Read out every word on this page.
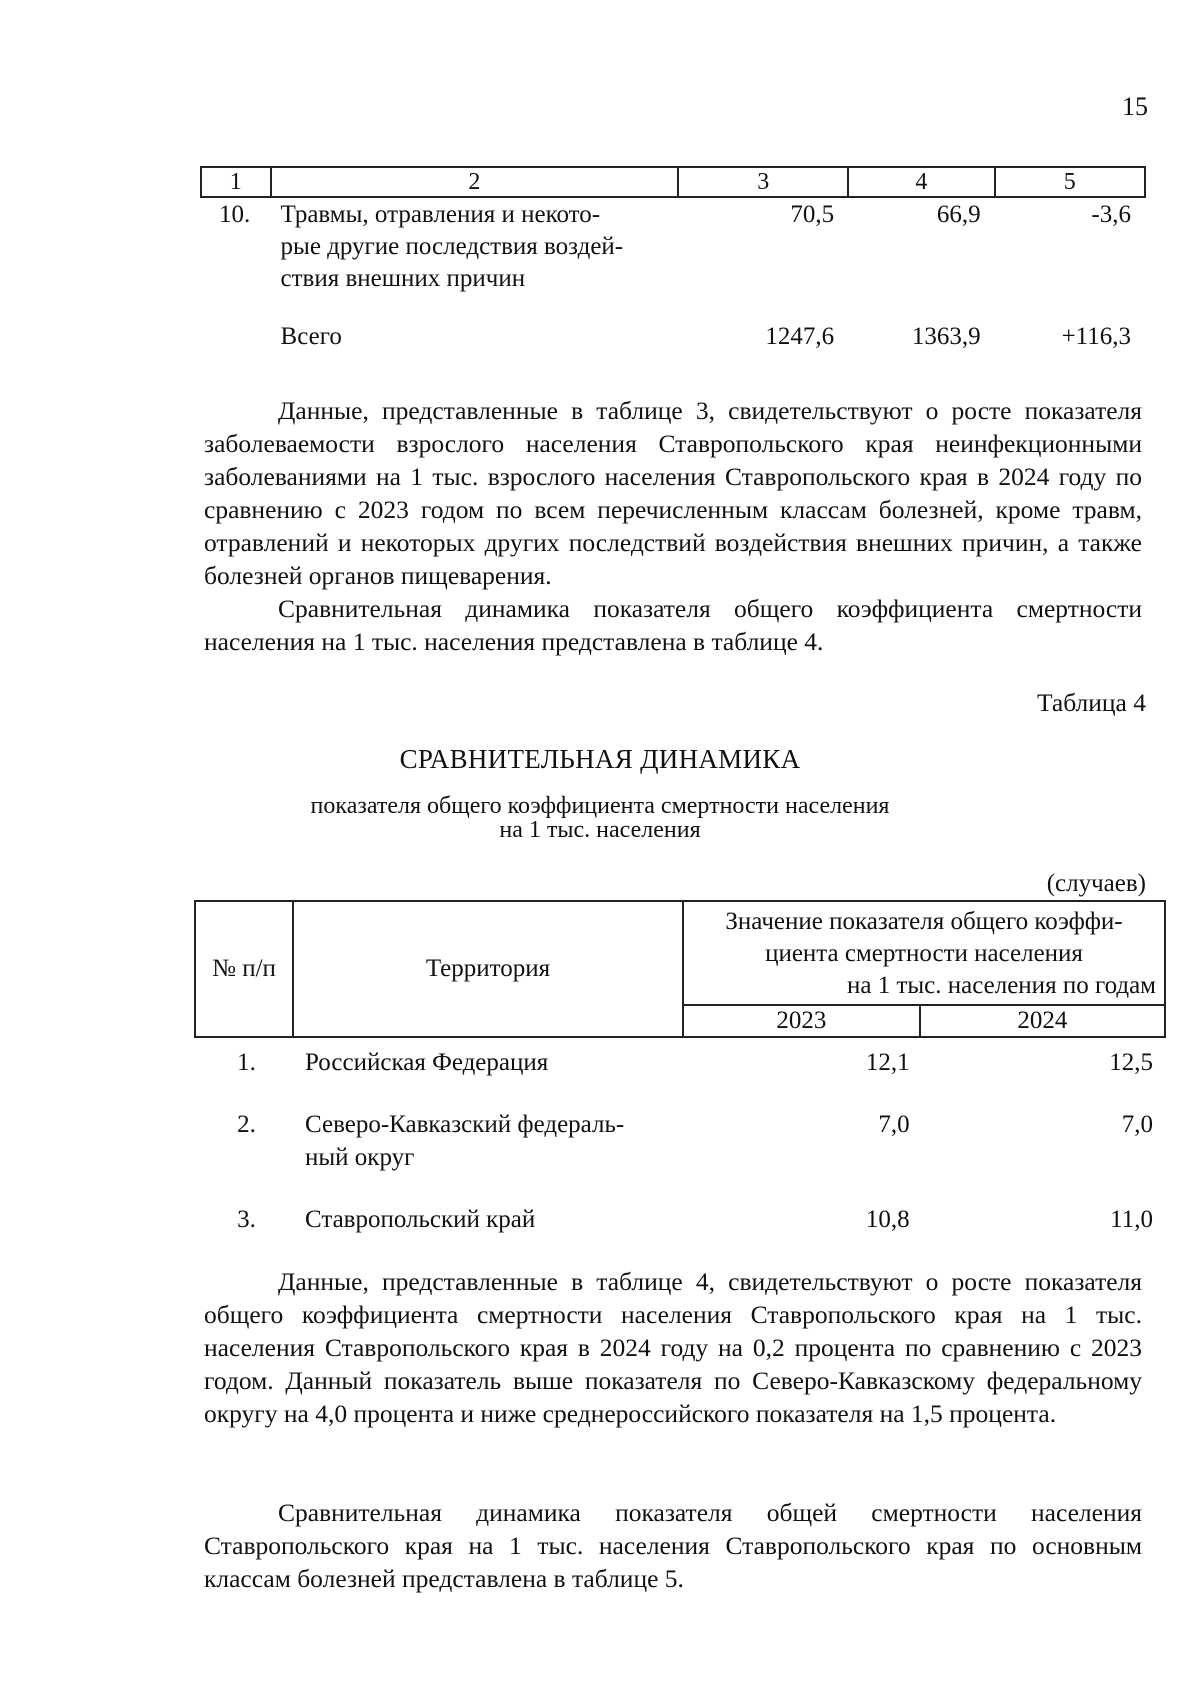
15
1	2	3	4	5
10.	Травмы, отравления и некото-
рые другие последствия воздей-
ствия внешних причин	70,5	66,9	-3,6

	Всего	1247,6	1363,9	+116,3

Данные, представленные в таблице 3, свидетельствуют о росте показателя заболеваемости взрослого населения Ставропольского края неинфекционными заболеваниями на 1 тыс. взрослого населения Ставропольского края в 2024 году по сравнению с 2023 годом по всем перечисленным классам болезней, кроме травм, отравлений и некоторых других последствий воздействия внешних причин, а также болезней органов пищеварения.

Сравнительная динамика показателя общего коэффициента смертности населения на 1 тыс. населения представлена в таблице 4.

Таблица 4
СРАВНИТЕЛЬНАЯ ДИНАМИКА
показателя общего коэффициента смертности населения
на 1 тыс. населения
(случаев)
№ п/п	Территория	Значение показателя общего коэффи-
циента смертности населения
на 1 тыс. населения по годам	

		2023	2024
1.	Российская Федерация	12,1	12,5

2.	Северо-Кавказский федераль-
ный округ	7,0	7,0

3.	Ставропольский край	10,8	11,0

Данные, представленные в таблице 4, свидетельствуют о росте показателя общего коэффициента смертности населения Ставропольского края на 1 тыс. населения Ставропольского края в 2024 году на 0,2 процента по сравнению с 2023 годом. Данный показатель выше показателя по Северо-Кавказскому федеральному округу на 4,0 процента и ниже среднероссийского показателя на 1,5 процента.

Сравнительная динамика показателя общей смертности населения Ставропольского края на 1 тыс. населения Ставропольского края по основным классам болезней представлена в таблице 5.
